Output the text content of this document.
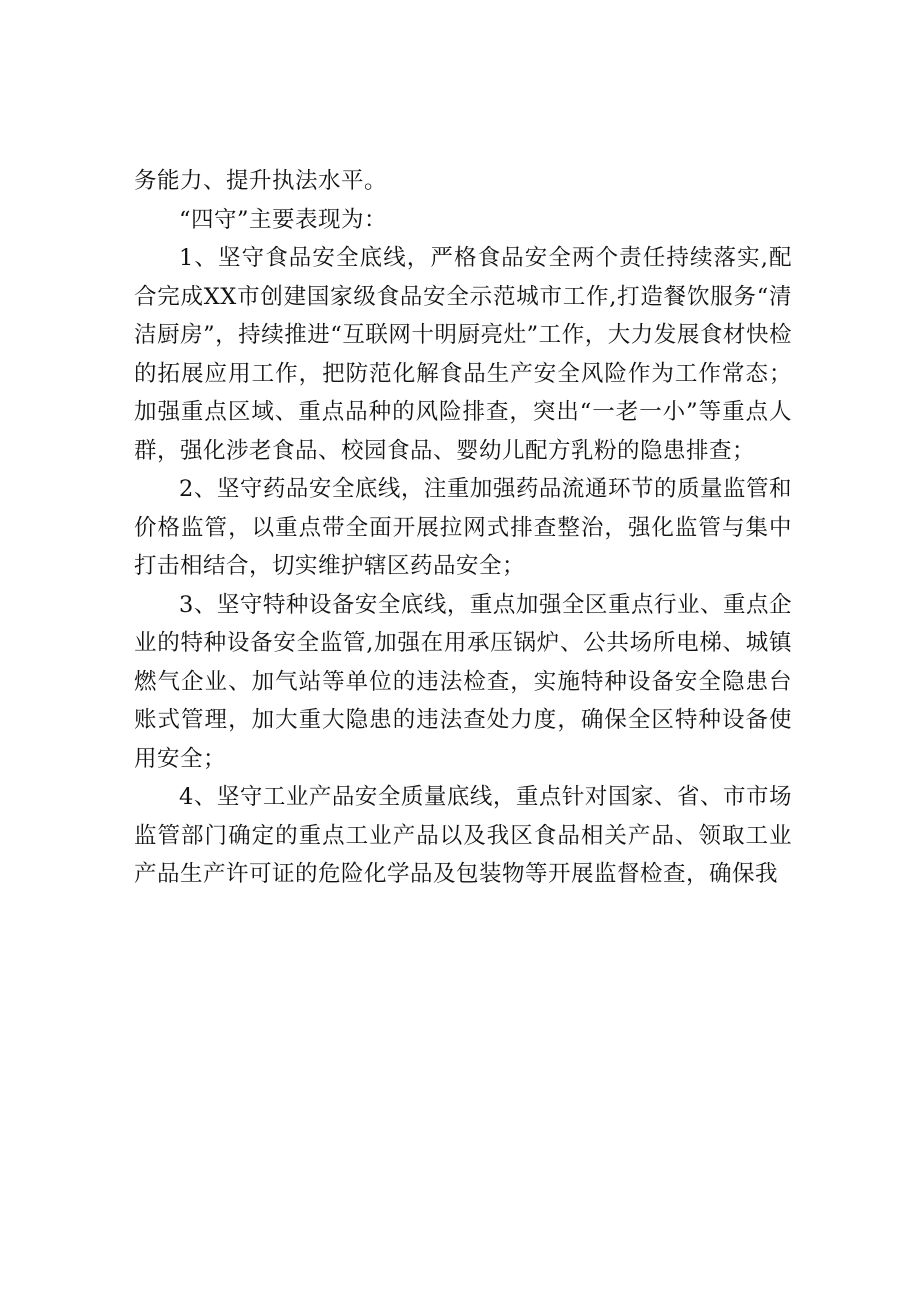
务能力、提升执法水平。

“四守”主要表现为：

1、坚守食品安全底线，严格食品安全两个责任持续落实,配合完成XX市创建国家级食品安全示范城市工作,打造餐饮服务“清洁厨房”，持续推进“互联网十明厨亮灶”工作，大力发展食材快检的拓展应用工作，把防范化解食品生产安全风险作为工作常态；加强重点区域、重点品种的风险排查，突出“一老一小”等重点人群，强化涉老食品、校园食品、婴幼儿配方乳粉的隐患排查；

2、坚守药品安全底线，注重加强药品流通环节的质量监管和价格监管，以重点带全面开展拉网式排查整治，强化监管与集中打击相结合，切实维护辖区药品安全；

3、坚守特种设备安全底线，重点加强全区重点行业、重点企业的特种设备安全监管,加强在用承压锅炉、公共场所电梯、城镇燃气企业、加气站等单位的违法检查，实施特种设备安全隐患台账式管理，加大重大隐患的违法查处力度，确保全区特种设备使用安全；

4、坚守工业产品安全质量底线，重点针对国家、省、市市场监管部门确定的重点工业产品以及我区食品相关产品、领取工业产品生产许可证的危险化学品及包装物等开展监督检查，确保我
